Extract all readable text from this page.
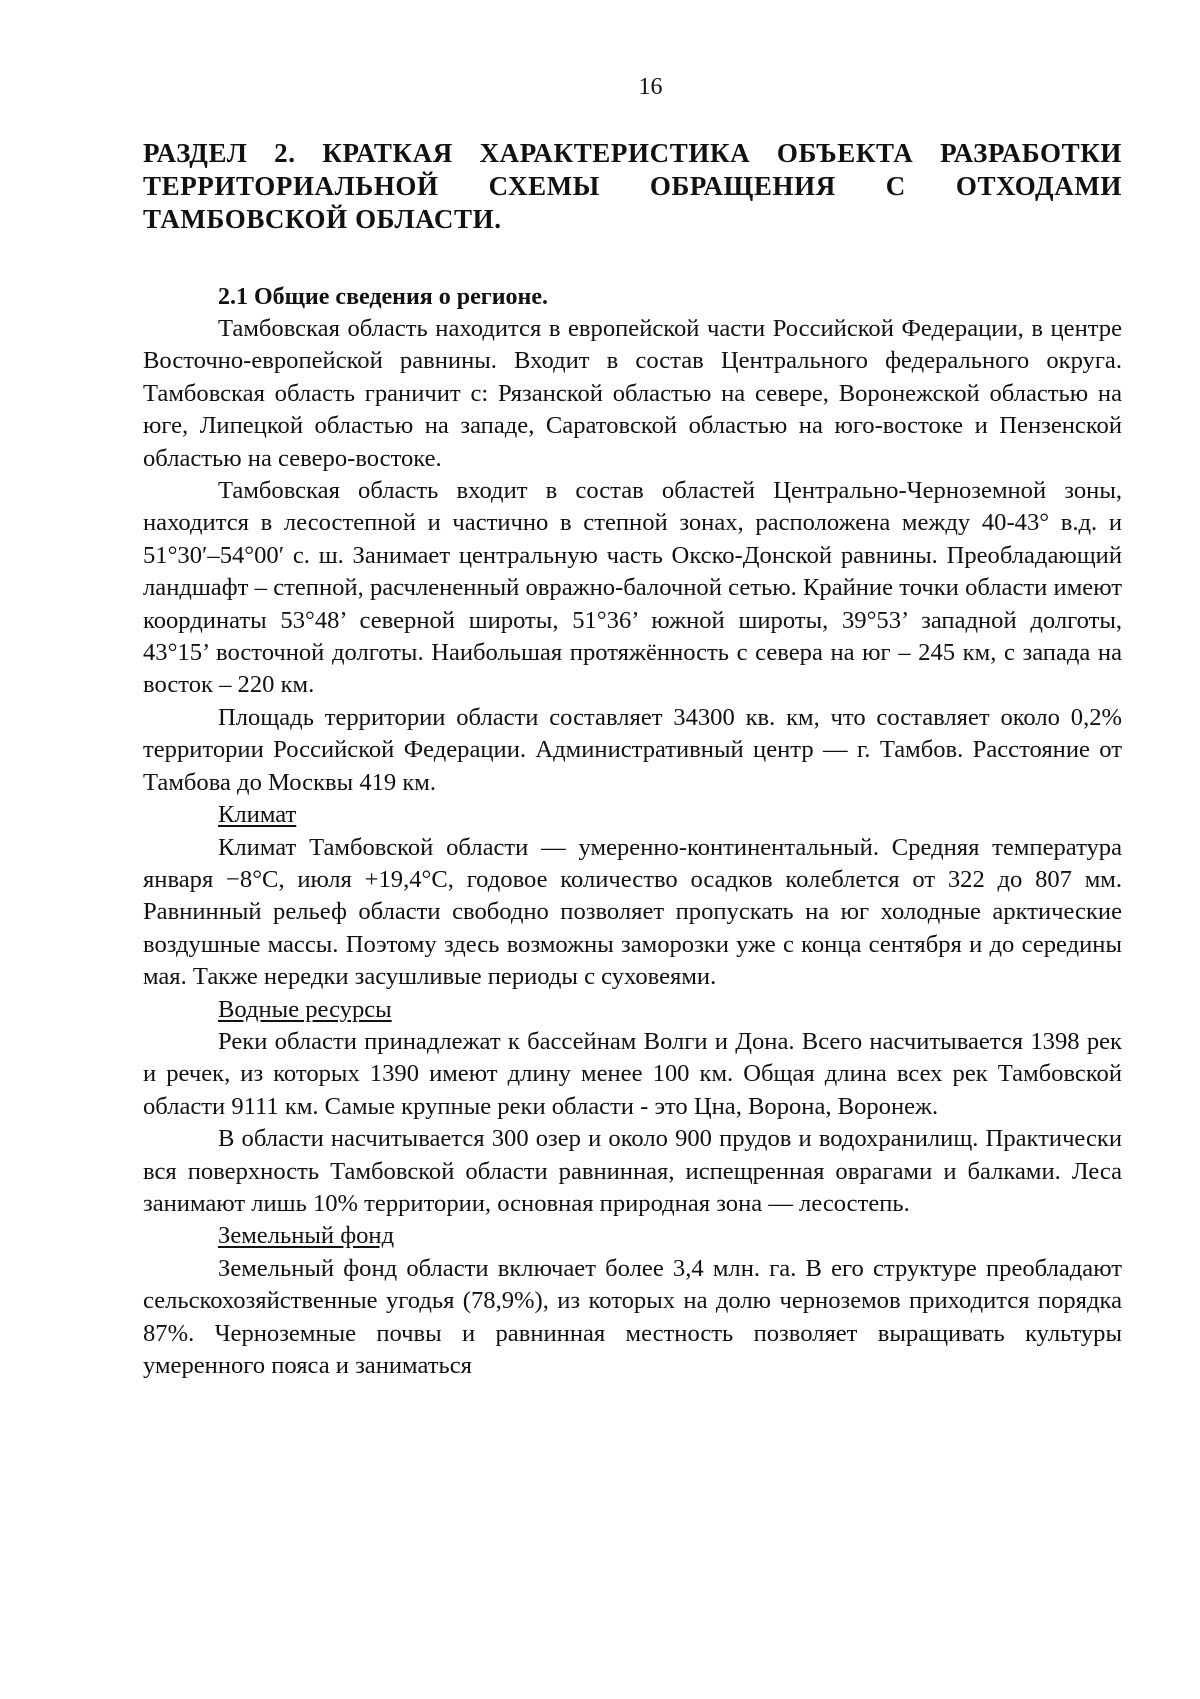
16
РАЗДЕЛ 2. КРАТКАЯ ХАРАКТЕРИСТИКА ОБЪЕКТА РАЗРАБОТКИ ТЕРРИТОРИАЛЬНОЙ СХЕМЫ ОБРАЩЕНИЯ С ОТХОДАМИ ТАМБОВСКОЙ ОБЛАСТИ.
2.1 Общие сведения о регионе.

Тамбовская область находится в европейской части Российской Федерации, в центре Восточно-европейской равнины. Входит в состав Центрального федерального округа. Тамбовская область граничит с: Рязанской областью на севере, Воронежской областью на юге, Липецкой областью на западе, Саратовской областью на юго-востоке и Пензенской областью на северо-востоке.

Тамбовская область входит в состав областей Центрально-Черноземной зоны, находится в лесостепной и частично в степной зонах, расположена между 40-43° в.д. и 51°30′–54°00′ с. ш. Занимает центральную часть Окско-Донской равнины. Преобладающий ландшафт – степной, расчлененный овражно-балочной сетью. Крайние точки области имеют координаты 53°48’ северной широты, 51°36’ южной широты, 39°53’ западной долготы, 43°15’ восточной долготы. Наибольшая протяжённость с севера на юг – 245 км, с запада на восток – 220 км.

Площадь территории области составляет 34300 кв. км, что составляет около 0,2% территории Российской Федерации. Административный центр — г. Тамбов. Расстояние от Тамбова до Москвы 419 км.

Климат

Климат Тамбовской области — умеренно-континентальный. Средняя температура января −8°С, июля +19,4°С, годовое количество осадков колеблется от 322 до 807 мм. Равнинный рельеф области свободно позволяет пропускать на юг холодные арктические воздушные массы. Поэтому здесь возможны заморозки уже с конца сентября и до середины мая. Также нередки засушливые периоды с суховеями.

Водные ресурсы

Реки области принадлежат к бассейнам Волги и Дона. Всего насчитывается 1398 рек и речек, из которых 1390 имеют длину менее 100 км. Общая длина всех рек Тамбовской области 9111 км. Самые крупные реки области - это Цна, Ворона, Воронеж.

В области насчитывается 300 озер и около 900 прудов и водохранилищ. Практически вся поверхность Тамбовской области равнинная, испещренная оврагами и балками. Леса занимают лишь 10% территории, основная природная зона — лесостепь.

Земельный фонд

Земельный фонд области включает более 3,4 млн. га. В его структуре преобладают сельскохозяйственные угодья (78,9%), из которых на долю черноземов приходится порядка 87%. Черноземные почвы и равнинная местность позволяет выращивать культуры умеренного пояса и заниматься
